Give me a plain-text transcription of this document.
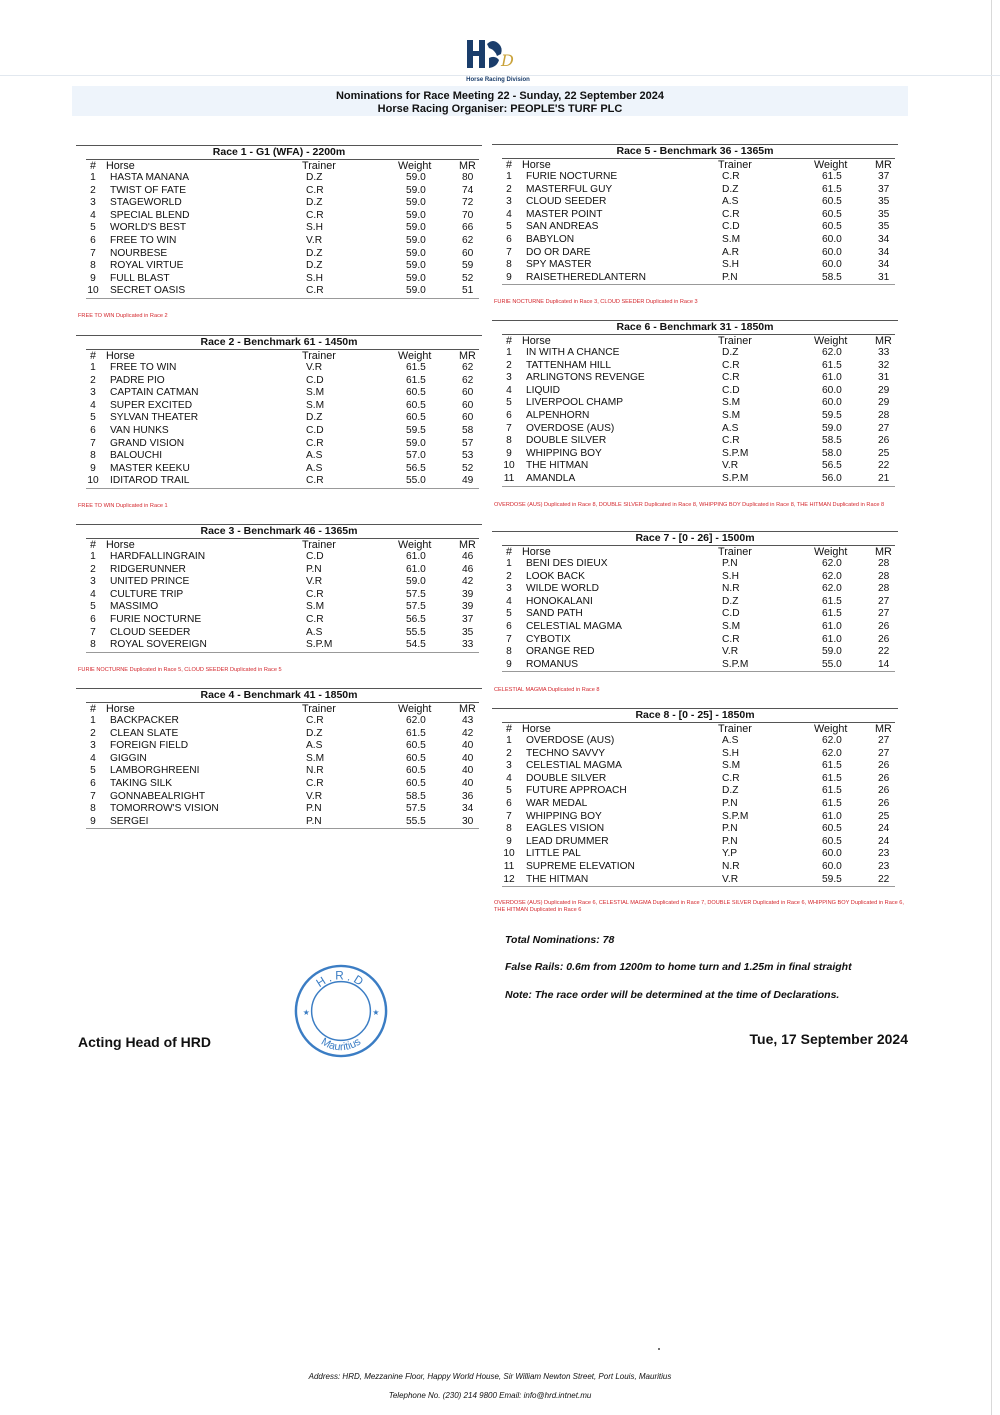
D
Horse Racing Division
Nominations for Race Meeting 22 - Sunday, 22 September 2024
Horse Racing Organiser: PEOPLE'S TURF PLC
Race 1 - G1 (WFA) - 2200m
# Horse	Trainer	Weight	MR
1	HASTA MANANA	D.Z	59.0	80
2	TWIST OF FATE	C.R	59.0	74
3	STAGEWORLD	D.Z	59.0	72
4	SPECIAL BLEND	C.R	59.0	70
5	WORLD'S BEST	S.H	59.0	66
6	FREE TO WIN	V.R	59.0	62
7	NOURBESE	D.Z	59.0	60
8	ROYAL VIRTUE	D.Z	59.0	59
9	FULL BLAST	S.H	59.0	52
10 SECRET OASIS	C.R	59.0	51
Race 2 - Benchmark 61 - 1450m
# Horse	Trainer	Weight	MR
1	FREE TO WIN	V.R	61.5	62
2	PADRE PIO	C.D	61.5	62
3	CAPTAIN CATMAN	S.M	60.5	60
4	SUPER EXCITED	S.M	60.5	60
5	SYLVAN THEATER	D.Z	60.5	60
6	VAN HUNKS	C.D	59.5	58
7	GRAND VISION	C.R	59.0	57
8	BALOUCHI	A.S	57.0	53
9	MASTER KEEKU	A.S	56.5	52
10 IDITAROD TRAIL	C.R	55.0	49
Race 3 - Benchmark 46 - 1365m
# Horse	Trainer	Weight	MR
1	HARDFALLINGRAIN	C.D	61.0	46
2	RIDGERUNNER	P.N	61.0	46
3	UNITED PRINCE	V.R	59.0	42
4	CULTURE TRIP	C.R	57.5	39
5	MASSIMO	S.M	57.5	39
6	FURIE NOCTURNE	C.R	56.5	37
7	CLOUD SEEDER	A.S	55.5	35
8	ROYAL SOVEREIGN	S.P.M	54.5	33
Race 4 - Benchmark 41 - 1850m
# Horse	Trainer	Weight	MR
1	BACKPACKER	C.R	62.0	43
2	CLEAN SLATE	D.Z	61.5	42
3	FOREIGN FIELD	A.S	60.5	40
4	GIGGIN	S.M	60.5	40
5	LAMBORGHREENI	N.R	60.5	40
6	TAKING SILK	C.R	60.5	40
7	GONNABEALRIGHT	V.R	58.5	36
8	TOMORROW'S VISION	P.N	57.5	34
9	SERGEI	P.N	55.5	30
Race 5 - Benchmark 36 - 1365m
# Horse	Trainer	Weight	MR
1	FURIE NOCTURNE	C.R	61.5	37
2	MASTERFUL GUY	D.Z	61.5	37
3	CLOUD SEEDER	A.S	60.5	35
4	MASTER POINT	C.R	60.5	35
5	SAN ANDREAS	C.D	60.5	35
6	BABYLON	S.M	60.0	34
7	DO OR DARE	A.R	60.0	34
8	SPY MASTER	S.H	60.0	34
9	RAISETHEREDLANTERN	P.N	58.5	31
Race 6 - Benchmark 31 - 1850m
# Horse	Trainer	Weight	MR
1	IN WITH A CHANCE	D.Z	62.0	33
2	TATTENHAM HILL	C.R	61.5	32
3	ARLINGTONS REVENGE	C.R	61.0	31
4	LIQUID	C.D	60.0	29
5	LIVERPOOL CHAMP	S.M	60.0	29
6	ALPENHORN	S.M	59.5	28
7	OVERDOSE (AUS)	A.S	59.0	27
8	DOUBLE SILVER	C.R	58.5	26
9	WHIPPING BOY	S.P.M	58.0	25
10 THE HITMAN	V.R	56.5	22
11 AMANDLA	S.P.M	56.0	21
Race 7 - [0 - 26] - 1500m
# Horse	Trainer	Weight	MR
1	BENI DES DIEUX	P.N	62.0	28
2	LOOK BACK	S.H	62.0	28
3	WILDE WORLD	N.R	62.0	28
4	HONOKALANI	D.Z	61.5	27
5	SAND PATH	C.D	61.5	27
6	CELESTIAL MAGMA	S.M	61.0	26
7	CYBOTIX	C.R	61.0	26
8	ORANGE RED	V.R	59.0	22
9	ROMANUS	S.P.M	55.0	14
Race 8 - [0 - 25] - 1850m
# Horse	Trainer	Weight	MR
1	OVERDOSE (AUS)	A.S	62.0	27
2	TECHNO SAVVY	S.H	62.0	27
3	CELESTIAL MAGMA	S.M	61.5	26
4	DOUBLE SILVER	C.R	61.5	26
5	FUTURE APPROACH	D.Z	61.5	26
6	WAR MEDAL	P.N	61.5	26
7	WHIPPING BOY	S.P.M	61.0	25
8	EAGLES VISION	P.N	60.5	24
9	LEAD DRUMMER	P.N	60.5	24
10 LITTLE PAL	Y.P	60.0	23
11 SUPREME ELEVATION	N.R	60.0	23
12 THE HITMAN	V.R	59.5	22
FREE TO WIN Duplicated in Race 2
FREE TO WIN Duplicated in Race 1
FURIE NOCTURNE Duplicated in Race 5, CLOUD SEEDER Duplicated in Race 5
FURIE NOCTURNE Duplicated in Race 3, CLOUD SEEDER Duplicated in Race 3
OVERDOSE (AUS) Duplicated in Race 8, DOUBLE SILVER Duplicated in Race 8, WHIPPING BOY Duplicated in Race 8, THE HITMAN Duplicated in Race 8
CELESTIAL MAGMA Duplicated in Race 8
OVERDOSE (AUS) Duplicated in Race 6, CELESTIAL MAGMA Duplicated in Race 7, DOUBLE SILVER Duplicated in Race 6, WHIPPING BOY Duplicated in Race 6, THE HITMAN Duplicated in Race 6
Total Nominations: 78
False Rails: 0.6m from 1200m to home turn and 1.25m in final straight
Note: The race order will be determined at the time of Declarations.
H.R.D
Mauritius
★	★
Acting Head of HRD	Tue, 17 September 2024
Address: HRD, Mezzanine Floor, Happy World House, Sir William Newton Street, Port Louis, Mauritius
Telephone No. (230) 214 9800 Email: info@hrd.intnet.mu
